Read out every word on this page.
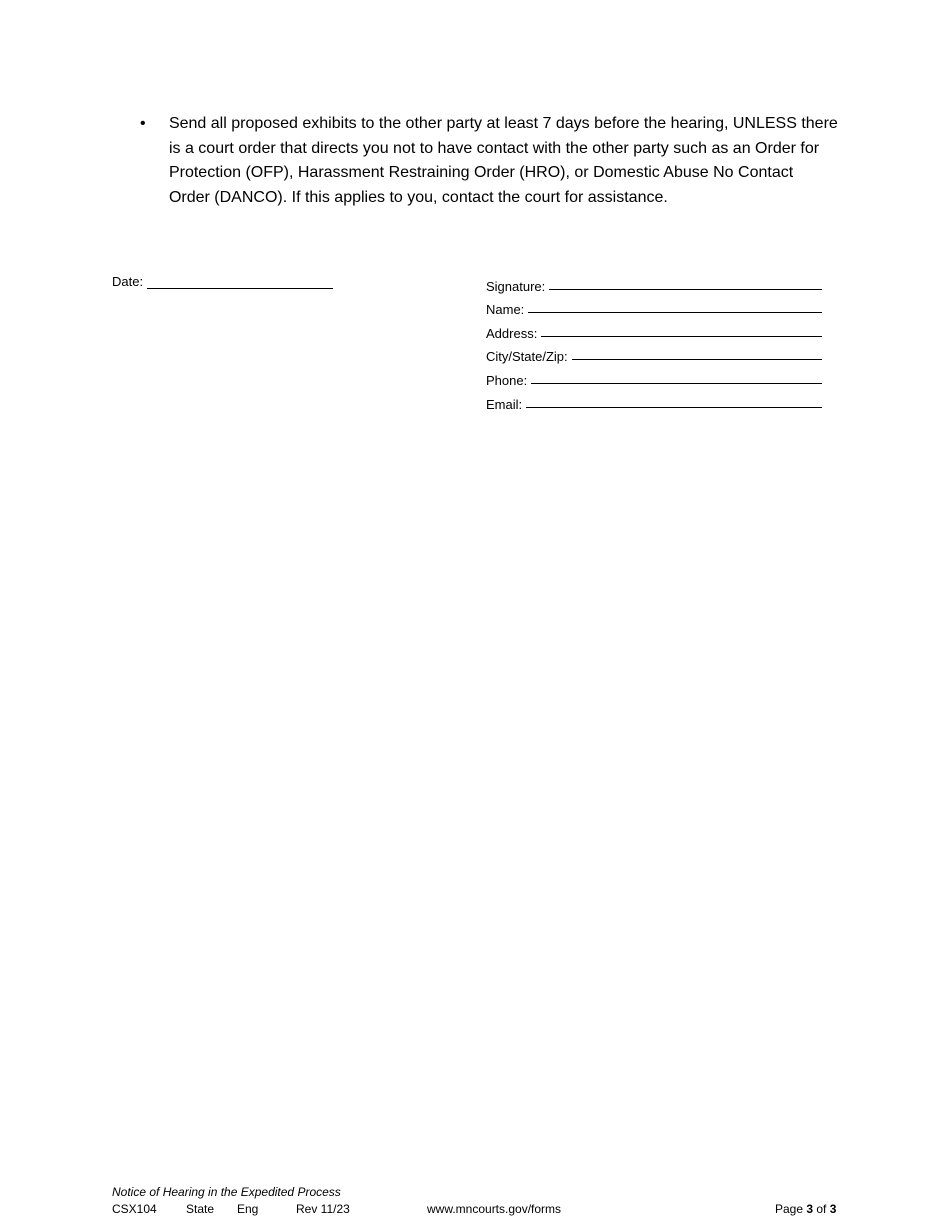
•	Send all proposed exhibits to the other party at least 7 days before the hearing, UNLESS there is a court order that directs you not to have contact with the other party such as an Order for Protection (OFP), Harassment Restraining Order (HRO), or Domestic Abuse No Contact Order (DANCO). If this applies to you, contact the court for assistance.
Date:	Signature:
Name:
Address:
City/State/Zip:
Phone:
Email:
Notice of Hearing in the Expedited Process
CSX104 State Eng	Rev 11/23	www.mncourts.gov/forms	Page 3 of 3
